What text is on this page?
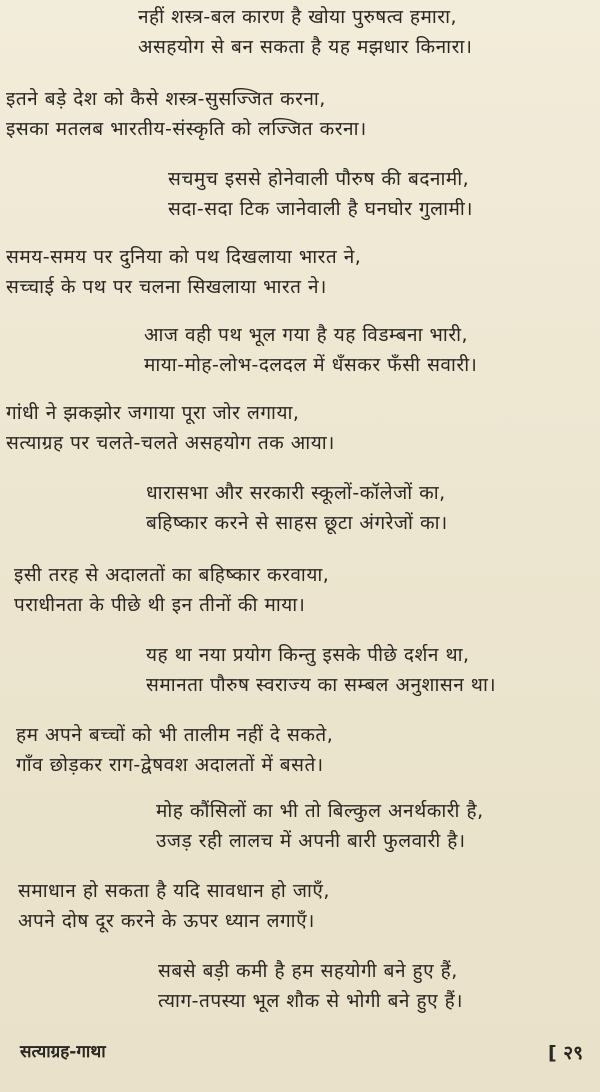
नहीं शस्त्र-बल कारण है खोया पुरुषत्व हमारा,
असहयोग से बन सकता है यह मझधार किनारा।
इतने बड़े देश को कैसे शस्त्र-सुसज्जित करना,
इसका मतलब भारतीय-संस्कृति को लज्जित करना।
सचमुच इससे होनेवाली पौरुष की बदनामी,
सदा-सदा टिक जानेवाली है घनघोर गुलामी।
समय-समय पर दुनिया को पथ दिखलाया भारत ने,
सच्चाई के पथ पर चलना सिखलाया भारत ने।
आज वही पथ भूल गया है यह विडम्बना भारी,
माया-मोह-लोभ-दलदल में धँसकर फँसी सवारी।
गांधी ने झकझोर जगाया पूरा जोर लगाया,
सत्याग्रह पर चलते-चलते असहयोग तक आया।
धारासभा और सरकारी स्कूलों-कॉलेजों का,
बहिष्कार करने से साहस छूटा अंगरेजों का।
इसी तरह से अदालतों का बहिष्कार करवाया,
पराधीनता के पीछे थी इन तीनों की माया।
यह था नया प्रयोग किन्तु इसके पीछे दर्शन था,
समानता पौरुष स्वराज्य का सम्बल अनुशासन था।
हम अपने बच्चों को भी तालीम नहीं दे सकते,
गाँव छोड़कर राग-द्वेषवश अदालतों में बसते।
मोह कौंसिलों का भी तो बिल्कुल अनर्थकारी है,
उजड़ रही लालच में अपनी बारी फुलवारी है।
समाधान हो सकता है यदि सावधान हो जाएँ,
अपने दोष दूर करने के ऊपर ध्यान लगाएँ।
सबसे बड़ी कमी है हम सहयोगी बने हुए हैं,
त्याग-तपस्या भूल शौक से भोगी बने हुए हैं।
सत्याग्रह-गाथा	[ २९
